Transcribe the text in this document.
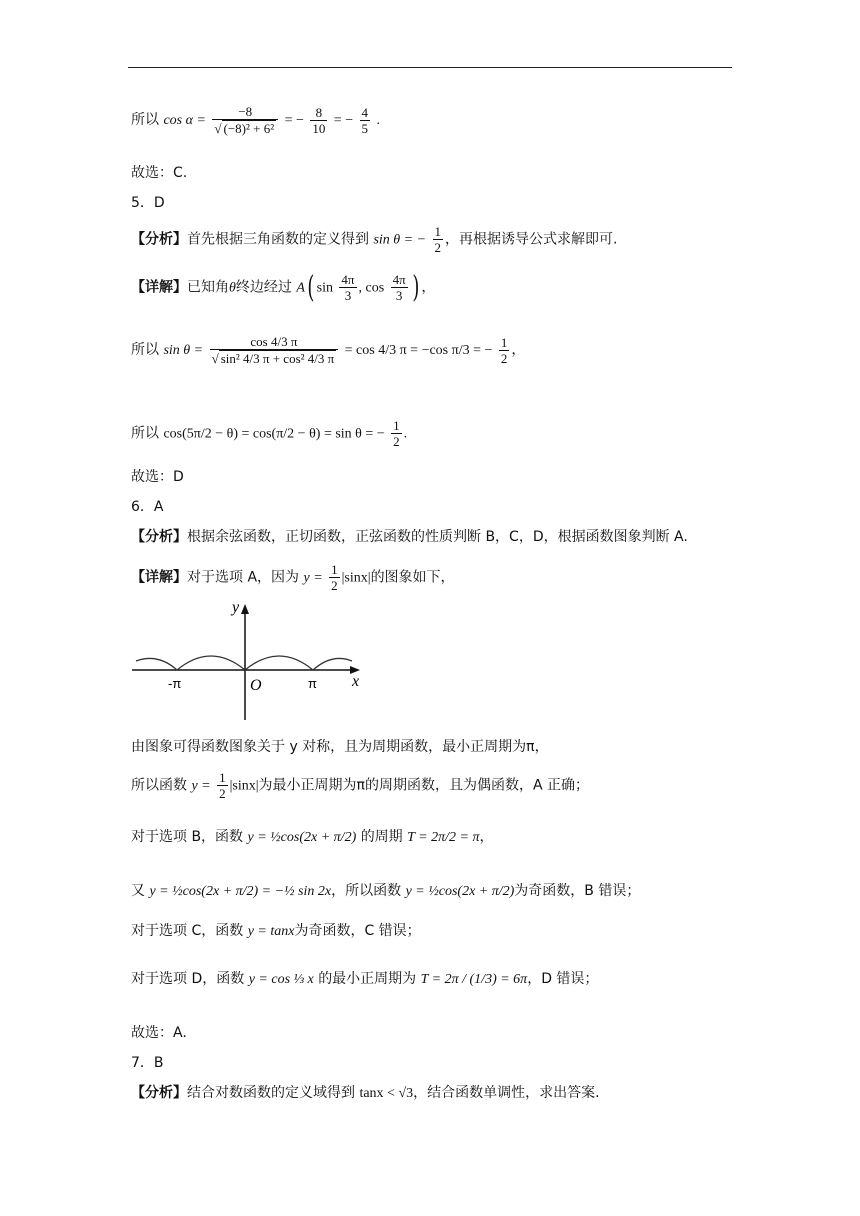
所以 $\cos \alpha = \frac{-8}{\text{√ (−8)² + 6²}}$ = − $\frac{8}{10}$ = − $\frac{4}{5}$ .
故选：C.
5．D
【分析】首先根据三角函数的定义得到 sin θ = − $\frac{1}{2}$ ，再根据诱导公式求解即可.
【详解】已知角θ终边经过 A( $\sin \frac{4\pi}{3}$ , $\cos \frac{4\pi}{3}$ ) ，
所以 $\sin \theta = \frac{\cos 4/3 \pi}{\text{√ sin² 4/3 π + cos² 4/3 π}} = \cos 4/3$ π = −cos π/3 = − $\frac{1}{2}$ ，
所以 cos(5π/2 − θ) = cos(π/2 − θ) = sin θ = − $\frac{1}{2}$ .
故选：D
6．A
【分析】根据余弦函数，正切函数，正弦函数的性质判断 B，C，D，根据函数图象判断 A.
【详解】对于选项 A，因为 $y = \frac{1}{2} |\sin x|$的图象如下，
y
x
O
-π	π
由图象可得函数图象关于 y 对称，且为周期函数，最小正周期为π，
所以函数 $y = \frac{1}{2} |\sin x|$为最小正周期为π的周期函数，且为偶函数，A 正确；
对于选项 B，函数 y = ½cos(2x + π/2) 的周期 T = 2π/2 = π，
又 y = ½cos(2x + π/2) = −½ sin 2x，所以函数 y = ½cos(2x + π/2)为奇函数，B 错误；
对于选项 C，函数 y = tanx为奇函数，C 错误；
对于选项 D，函数 y = cos ⅓ x 的最小正周期为 T = 2π / (1/3) = 6π，D 错误；
故选：A.
7．B
【分析】结合对数函数的定义域得到 tanx < √3，结合函数单调性，求出答案.
